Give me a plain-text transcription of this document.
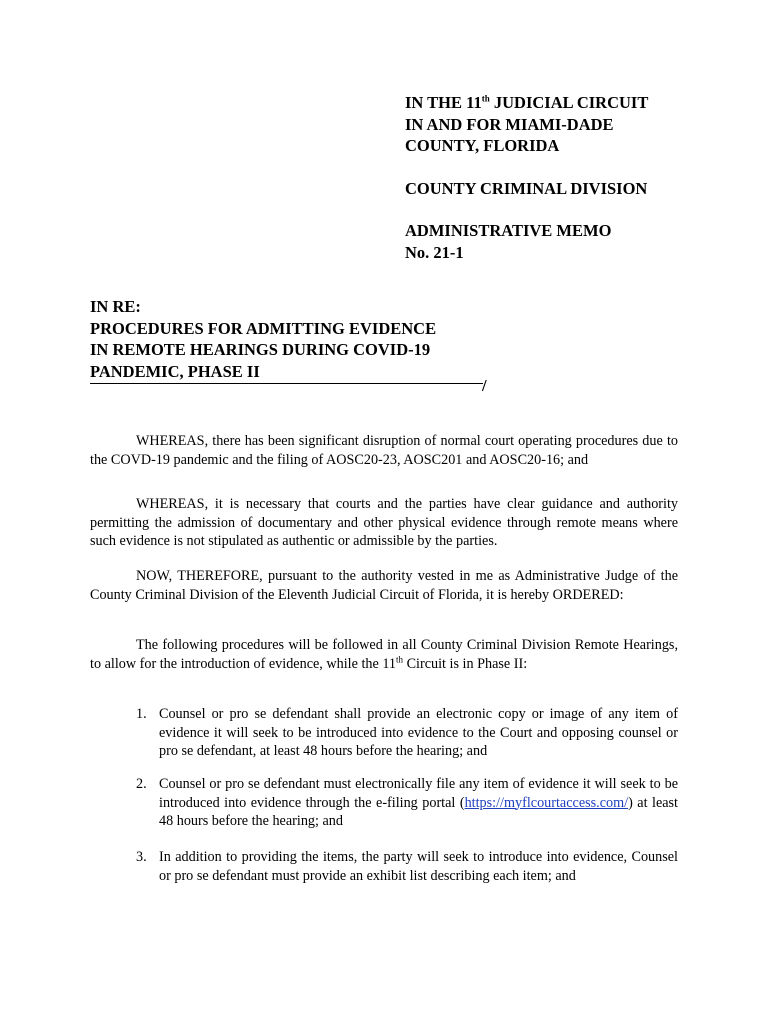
IN THE 11th JUDICIAL CIRCUIT
IN AND FOR MIAMI-DADE
COUNTY, FLORIDA
COUNTY CRIMINAL DIVISION
ADMINISTRATIVE MEMO
No. 21-1
IN RE:
PROCEDURES FOR ADMITTING EVIDENCE
IN REMOTE HEARINGS DURING COVID-19
PANDEMIC, PHASE II
/

WHEREAS, there has been significant disruption of normal court operating procedures due to the COVD-19 pandemic and the filing of AOSC20-23, AOSC201 and AOSC20-16; and

WHEREAS, it is necessary that courts and the parties have clear guidance and authority permitting the admission of documentary and other physical evidence through remote means where such evidence is not stipulated as authentic or admissible by the parties.

NOW, THEREFORE, pursuant to the authority vested in me as Administrative Judge of the County Criminal Division of the Eleventh Judicial Circuit of Florida, it is hereby ORDERED:

The following procedures will be followed in all County Criminal Division Remote Hearings, to allow for the introduction of evidence, while the 11th Circuit is in Phase II:

1. Counsel or pro se defendant shall provide an electronic copy or image of any item of evidence it will seek to be introduced into evidence to the Court and opposing counsel or pro se defendant, at least 48 hours before the hearing; and
2. Counsel or pro se defendant must electronically file any item of evidence it will seek to be introduced into evidence through the e-filing portal (https://myflcourtaccess.com/) at least 48 hours before the hearing; and
3. In addition to providing the items, the party will seek to introduce into evidence, Counsel or pro se defendant must provide an exhibit list describing each item; and
